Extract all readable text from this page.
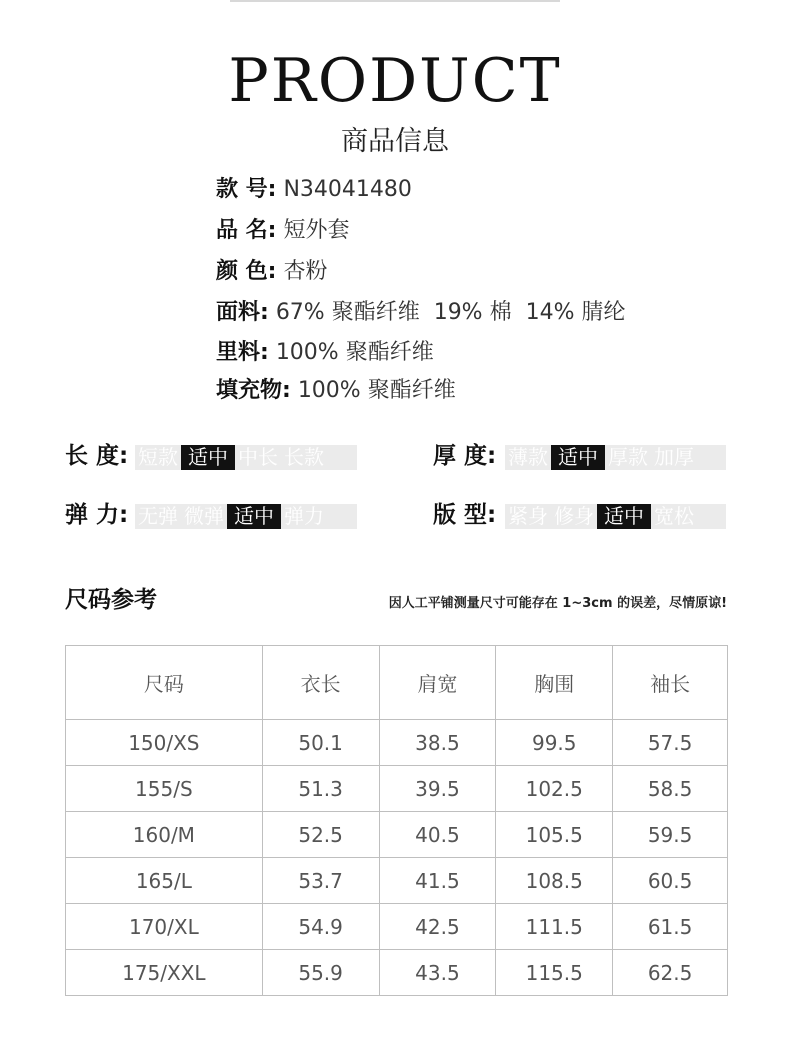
PRODUCT
商品信息
款 号: N34041480
品 名: 短外套
颜 色: 杏粉
面料: 67% 聚酯纤维  19% 棉  14% 腈纶
里料: 100% 聚酯纤维
填充物: 100% 聚酯纤维
长 度: 短款 适中 中长 长款	厚 度: 薄款 适中 厚款 加厚
弹 力: 无弹 微弹 适中 弹力	版 型: 紧身 修身 适中 宽松
尺码参考	因人工平铺测量尺寸可能存在 1~3cm 的误差，尽情原谅!
尺码	衣长	肩宽	胸围	袖长
150/XS	50.1	38.5	99.5	57.5
155/S	51.3	39.5	102.5	58.5
160/M	52.5	40.5	105.5	59.5
165/L	53.7	41.5	108.5	60.5
170/XL	54.9	42.5	111.5	61.5
175/XXL	55.9	43.5	115.5	62.5
